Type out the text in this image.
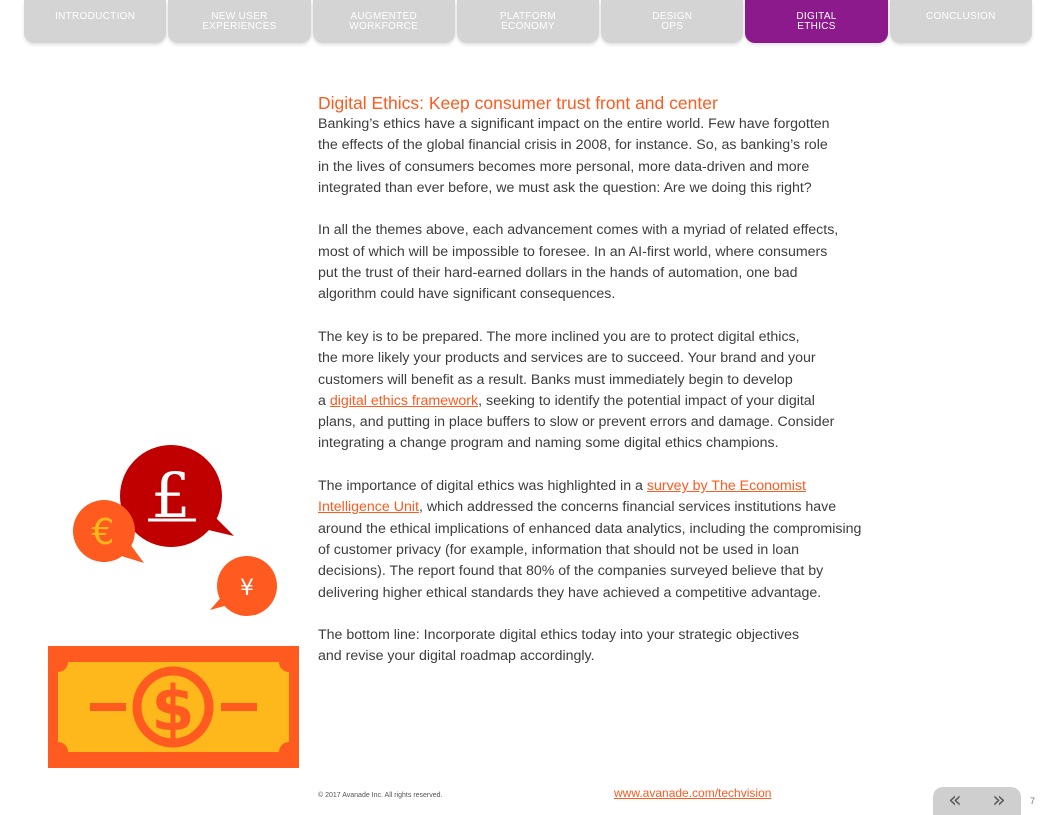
INTRODUCTION	NEW USER
EXPERIENCES
AUGMENTED
WORKFORCE
PLATFORM
ECONOMY
DESIGN
OPS
DIGITAL
ETHICS
CONCLUSION
Digital Ethics: Keep consumer trust front and center

Banking’s ethics have a significant impact on the entire world. Few have forgotten
the effects of the global financial crisis in 2008, for instance. So, as banking’s role
in the lives of consumers becomes more personal, more data-driven and more
integrated than ever before, we must ask the question: Are we doing this right?

In all the themes above, each advancement comes with a myriad of related effects,
most of which will be impossible to foresee. In an AI-first world, where consumers
put the trust of their hard-earned dollars in the hands of automation, one bad
algorithm could have significant consequences.

The key is to be prepared. The more inclined you are to protect digital ethics,
the more likely your products and services are to succeed. Your brand and your
customers will benefit as a result. Banks must immediately begin to develop
a digital ethics framework, seeking to identify the potential impact of your digital
plans, and putting in place buffers to slow or prevent errors and damage. Consider
integrating a change program and naming some digital ethics champions.

The importance of digital ethics was highlighted in a survey by The Economist
Intelligence Unit, which addressed the concerns financial services institutions have
around the ethical implications of enhanced data analytics, including the compromising
of customer privacy (for example, information that should not be used in loan
decisions). The report found that 80% of the companies surveyed believe that by
delivering higher ethical standards they have achieved a competitive advantage.

The bottom line: Incorporate digital ethics today into your strategic objectives
and revise your digital roadmap accordingly.

£
€
¥
$
© 2017 Avanade Inc. All rights reserved.	www.avanade.com/techvision	« »	7
